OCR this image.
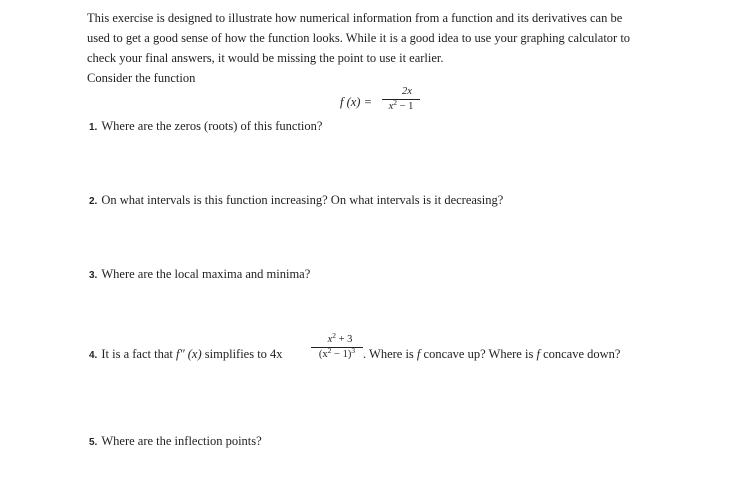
This exercise is designed to illustrate how numerical information from a function and its derivatives can be
used to get a good sense of how the function looks. While it is a good idea to use your graphing calculator to
check your final answers, it would be missing the point to use it earlier.
Consider the function
f (x) =
2x
$x^2 - 1$
1. Where are the zeros (roots) of this function?
2. On what intervals is this function increasing? On what intervals is it decreasing?
3. Where are the local maxima and minima?
4. It is a fact that f″ (x) simplifies to 4x
$x^2 + 3$
$(x^2 - 1)^3$ . Where is f concave up? Where is f concave down?
5. Where are the inflection points?
